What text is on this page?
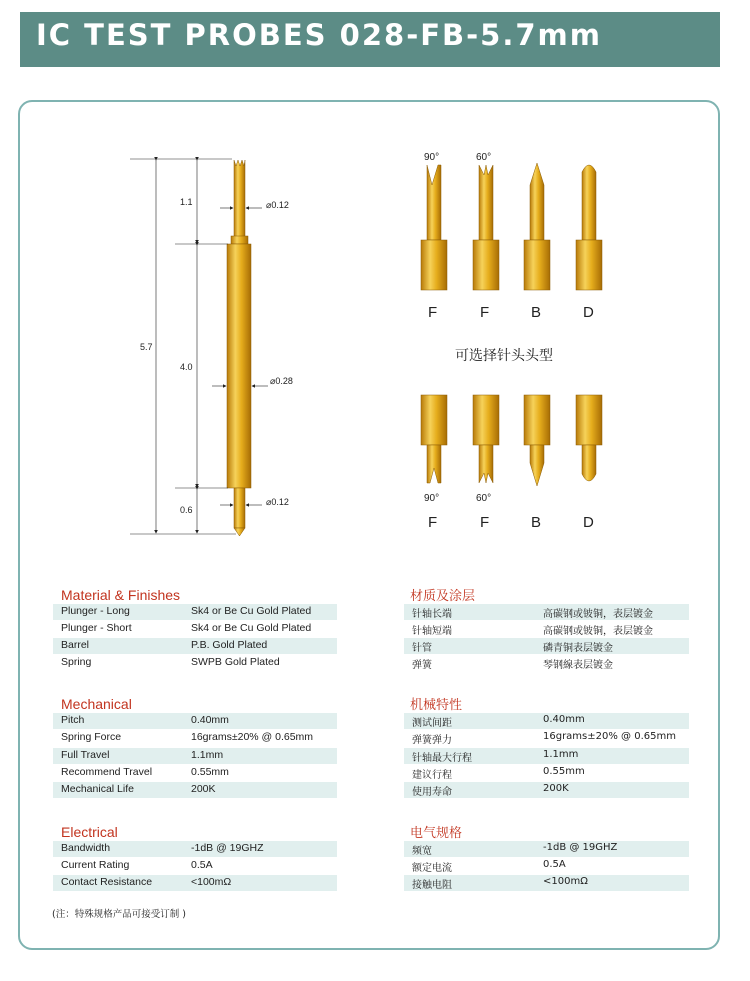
IC TEST PROBES 028-FB-5.7mm
5.7
1.1
4.0
0.6
⌀0.12
⌀0.28
⌀0.12
90°	60°
F	F	B	D
可选择针头头型
90°	60°
F	F	B	D
Material & Finishes
Plunger - Long	Sk4 or Be Cu Gold Plated
Plunger - Short	Sk4 or Be Cu Gold Plated
Barrel	P.B. Gold Plated
Spring	SWPB Gold Plated
Mechanical
Pitch	0.40mm
Spring Force	16grams±20% @ 0.65mm
Full Travel	1.1mm
Recommend Travel	0.55mm
Mechanical Life	200K
Electrical
Bandwidth	-1dB @ 19GHZ
Current Rating	0.5A
Contact Resistance	<100mΩ
材质及涂层
针轴长端	高碳钢或铍铜，表层镀金
针轴短端	高碳钢或铍铜，表层镀金
针管	磷青铜表层镀金
弹簧	琴钢線表层镀金
机械特性
测试间距	0.40mm
弹簧弹力	16grams±20% @ 0.65mm
针轴最大行程	1.1mm
建议行程	0.55mm
使用寿命	200K
电气规格
频宽	-1dB @ 19GHZ
额定电流	0.5A
接触电阻	<100mΩ
(注：特殊规格产品可接受订制 )
